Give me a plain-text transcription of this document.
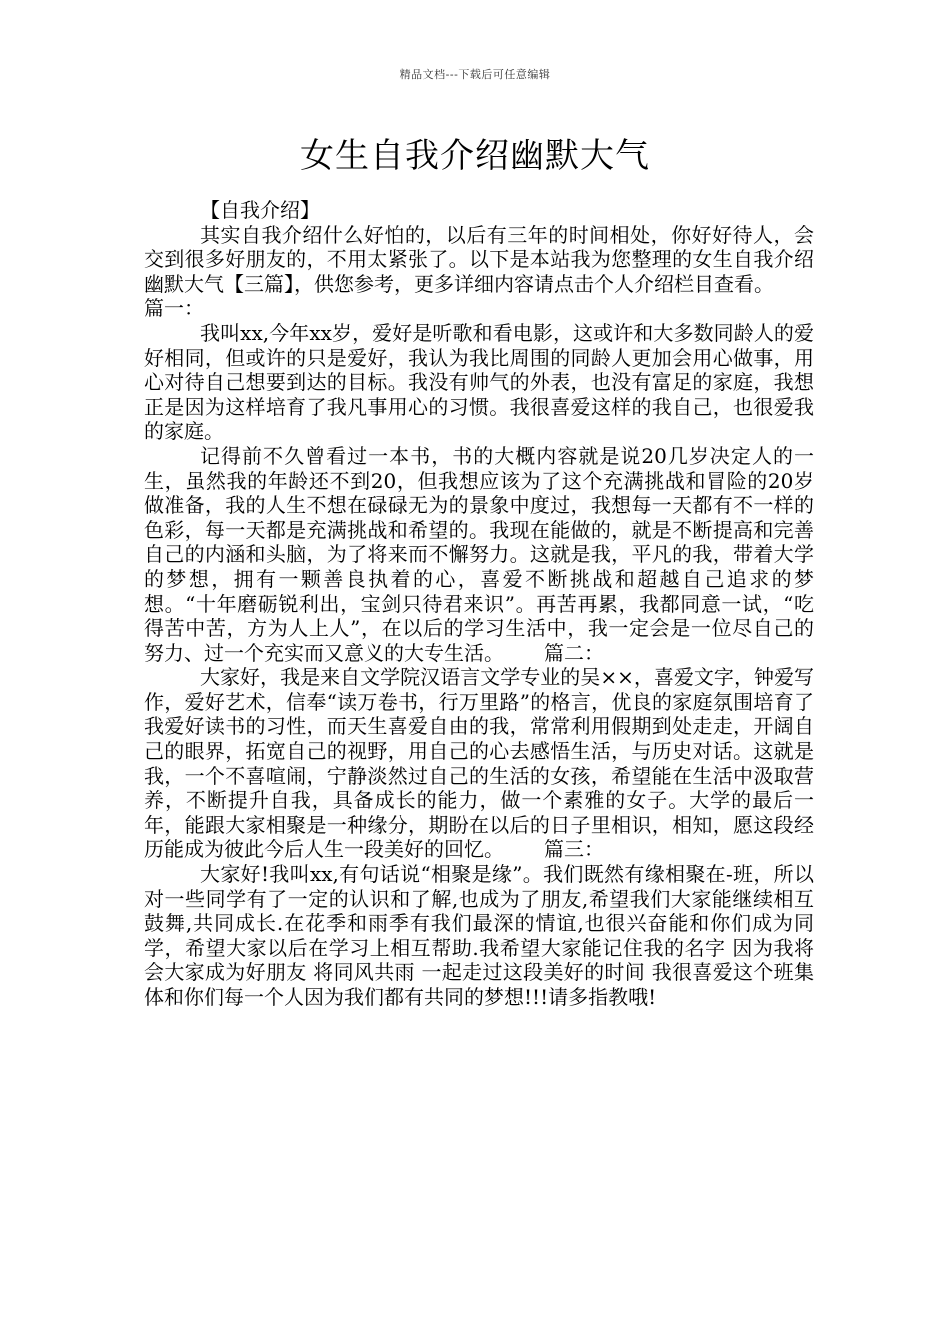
精品文档---下载后可任意编辑
女生自我介绍幽默大气

【自我介绍】

其实自我介绍什么好怕的，以后有三年的时间相处，你好好待人，会交到很多好朋友的，不用太紧张了。以下是本站我为您整理的女生自我介绍幽默大气【三篇】，供您参考，更多详细内容请点击个人介绍栏目查看。篇一：

我叫xx,今年xx岁，爱好是听歌和看电影，这或许和大多数同龄人的爱好相同，但或许的只是爱好，我认为我比周围的同龄人更加会用心做事，用心对待自己想要到达的目标。我没有帅气的外表，也没有富足的家庭，我想正是因为这样培育了我凡事用心的习惯。我很喜爱这样的我自己，也很爱我的家庭。

记得前不久曾看过一本书，书的大概内容就是说20几岁决定人的一生，虽然我的年龄还不到20，但我想应该为了这个充满挑战和冒险的20岁做准备，我的人生不想在碌碌无为的景象中度过，我想每一天都有不一样的色彩，每一天都是充满挑战和希望的。我现在能做的，就是不断提高和完善自己的内涵和头脑，为了将来而不懈努力。这就是我，平凡的我，带着大学的梦想，拥有一颗善良执着的心，喜爱不断挑战和超越自己追求的梦想。“十年磨砺锐利出，宝剑只待君来识”。再苦再累，我都同意一试，“吃得苦中苦，方为人上人”，在以后的学习生活中，我一定会是一位尽自己的努力、过一个充实而又意义的大专生活。 篇二：

大家好，我是来自文学院汉语言文学专业的吴××，喜爱文字，钟爱写作，爱好艺术，信奉“读万卷书，行万里路”的格言，优良的家庭氛围培育了我爱好读书的习性，而天生喜爱自由的我，常常利用假期到处走走，开阔自己的眼界，拓宽自己的视野，用自己的心去感悟生活，与历史对话。这就是我，一个不喜喧闹，宁静淡然过自己的生活的女孩，希望能在生活中汲取营养，不断提升自我，具备成长的能力，做一个素雅的女子。大学的最后一年，能跟大家相聚是一种缘分，期盼在以后的日子里相识，相知，愿这段经历能成为彼此今后人生一段美好的回忆。 篇三：

大家好!我叫xx,有句话说“相聚是缘”。我们既然有缘相聚在-班，所以对一些同学有了一定的认识和了解,也成为了朋友,希望我们大家能继续相互鼓舞,共同成长.在花季和雨季有我们最深的情谊,也很兴奋能和你们成为同学，希望大家以后在学习上相互帮助.我希望大家能记住我的名字 因为我将会大家成为好朋友 将同风共雨 一起走过这段美好的时间 我很喜爱这个班集体和你们每一个人因为我们都有共同的梦想!!!请多指教哦!
